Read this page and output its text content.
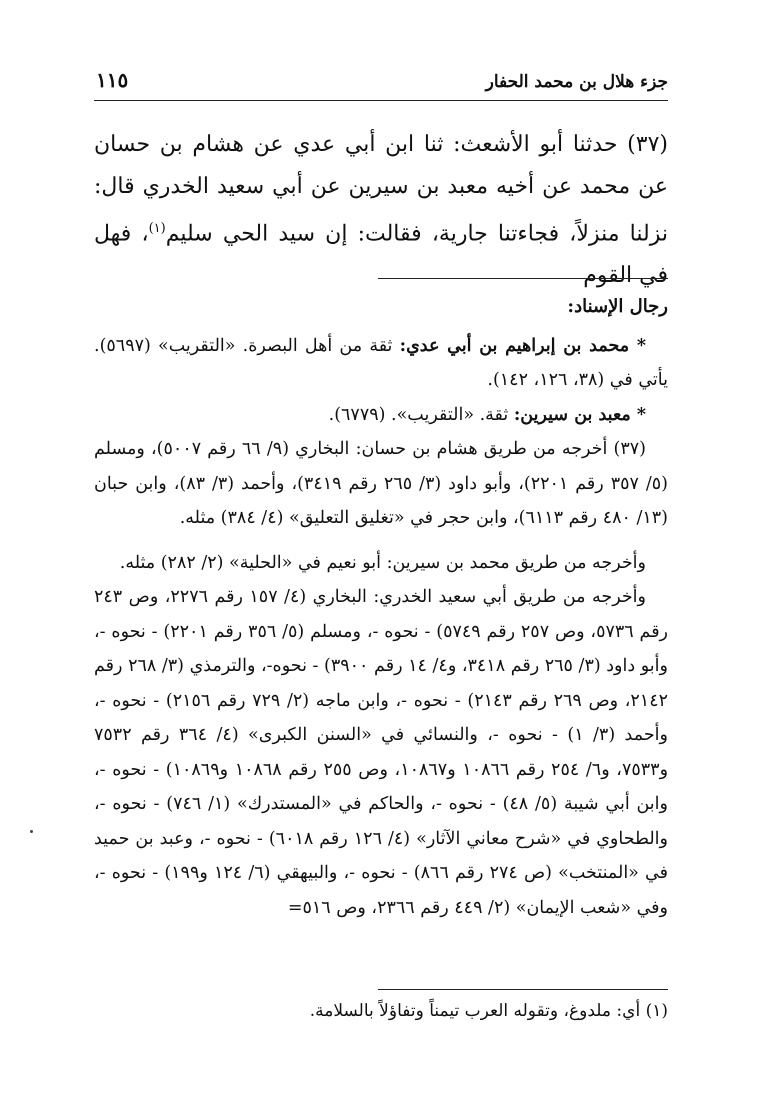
جزء هلال بن محمد الحفار
١١٥

(٣٧) حدثنا أبو الأشعث: ثنا ابن أبي عدي عن هشام بن حسان عن محمد عن أخيه معبد بن سيرين عن أبي سعيد الخدري قال: نزلنا منزلاً، فجاءتنا جارية، فقالت: إن سيد الحي سليم$^{(١)}$، فهل في القوم

رجال الإسناد:

* محمد بن إبراهيم بن أبي عدي: ثقة من أهل البصرة. «التقريب» (٥٦٩٧). يأتي في (٣٨، ١٢٦، ١٤٢).

* معبد بن سيرين: ثقة. «التقريب». (٦٧٧٩).

(٣٧) أخرجه من طريق هشام بن حسان: البخاري (٩/ ٦٦ رقم ٥٠٠٧)، ومسلم (٥/ ٣٥٧ رقم ٢٢٠١)، وأبو داود (٣/ ٢٦٥ رقم ٣٤١٩)، وأحمد (٣/ ٨٣)، وابن حبان (١٣/ ٤٨٠ رقم ٦١١٣)، وابن حجر في «تغليق التعليق» (٤/ ٣٨٤) مثله.

وأخرجه من طريق محمد بن سيرين: أبو نعيم في «الحلية» (٢/ ٢٨٢) مثله.

وأخرجه من طريق أبي سعيد الخدري: البخاري (٤/ ١٥٧ رقم ٢٢٧٦، وص ٢٤٣ رقم ٥٧٣٦، وص ٢٥٧ رقم ٥٧٤٩) - نحوه -، ومسلم (٥/ ٣٥٦ رقم ٢٢٠١) - نحوه -، وأبو داود (٣/ ٢٦٥ رقم ٣٤١٨، و٤/ ١٤ رقم ٣٩٠٠) - نحوه-، والترمذي (٣/ ٢٦٨ رقم ٢١٤٢، وص ٢٦٩ رقم ٢١٤٣) - نحوه -، وابن ماجه (٢/ ٧٢٩ رقم ٢١٥٦) - نحوه -، وأحمد (٣/ ١) - نحوه -، والنسائي في «السنن الكبرى» (٤/ ٣٦٤ رقم ٧٥٣٢ و٧٥٣٣، و٦/ ٢٥٤ رقم ١٠٨٦٦ و١٠٨٦٧، وص ٢٥٥ رقم ١٠٨٦٨ و١٠٨٦٩) - نحوه -، وابن أبي شيبة (٥/ ٤٨) - نحوه -، والحاكم في «المستدرك» (١/ ٧٤٦) - نحوه -، والطحاوي في «شرح معاني الآثار» (٤/ ١٢٦ رقم ٦٠١٨) - نحوه -، وعبد بن حميد في «المنتخب» (ص ٢٧٤ رقم ٨٦٦) - نحوه -، والبيهقي (٦/ ١٢٤ و١٩٩) - نحوه -، وفي «شعب الإيمان» (٢/ ٤٤٩ رقم ٢٣٦٦، وص ٥١٦=

(١) أي: ملدوغ، وتقوله العرب تيمناً وتفاؤلاً بالسلامة.
